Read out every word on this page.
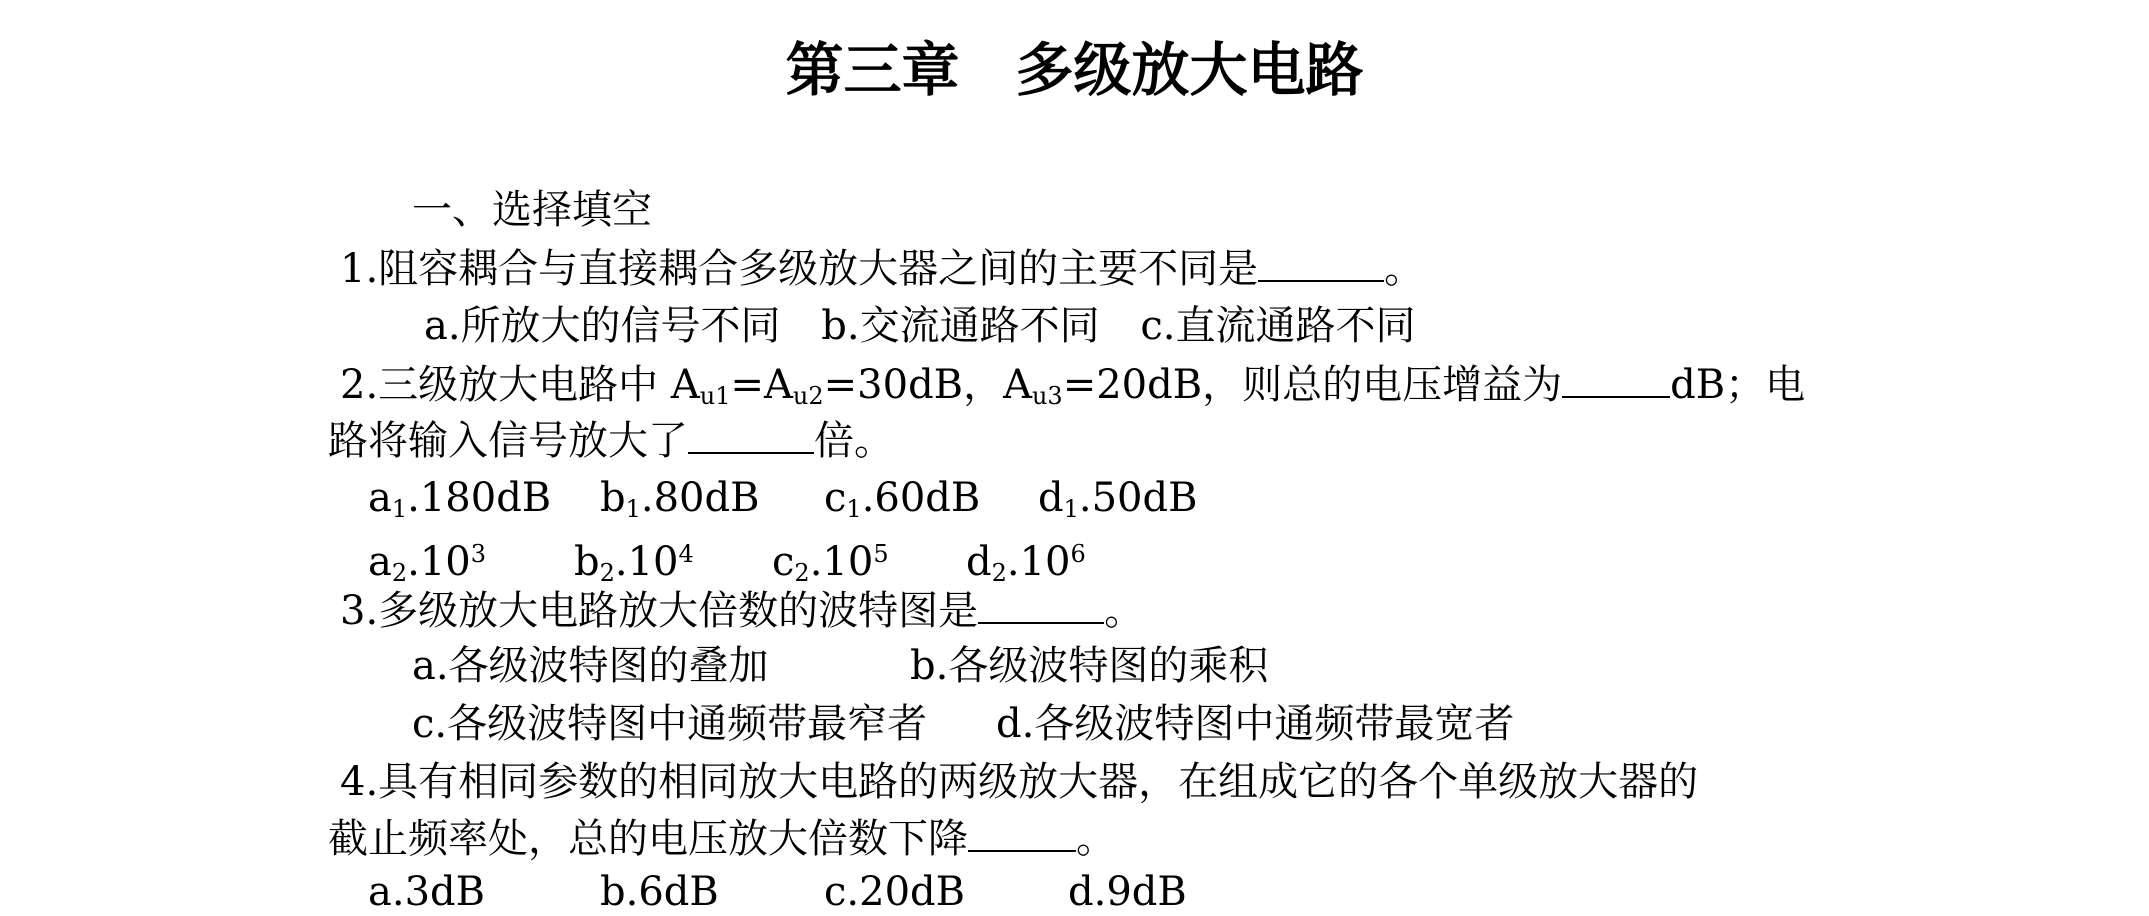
第三章 多级放大电路
一、选择填空
1.阻容耦合与直接耦合多级放大器之间的主要不同是	。
a.所放大的信号不同 b.交流通路不同 c.直流通路不同
2.三级放大电路中 $A_{u1}=A_{u2}=30dB$，$A_{u3}=20dB$，则总的电压增益为	dB；电
路将输入信号放大了	倍。
$a_1.180dB$ $b_1.80dB$ $c_1.60dB$ $d_1.50dB$
$a_2.10^3$ $b_2.10^4$ $c_2.10^5$ $d_2.10^6$
3.多级放大电路放大倍数的波特图是	。
a.各级波特图的叠加	b.各级波特图的乘积
c.各级波特图中通频带最窄者 d.各级波特图中通频带最宽者
4.具有相同参数的相同放大电路的两级放大器，在组成它的各个单级放大器的
截止频率处，总的电压放大倍数下降	。
a.3dB	b.6dB	c.20dB	d.9dB
